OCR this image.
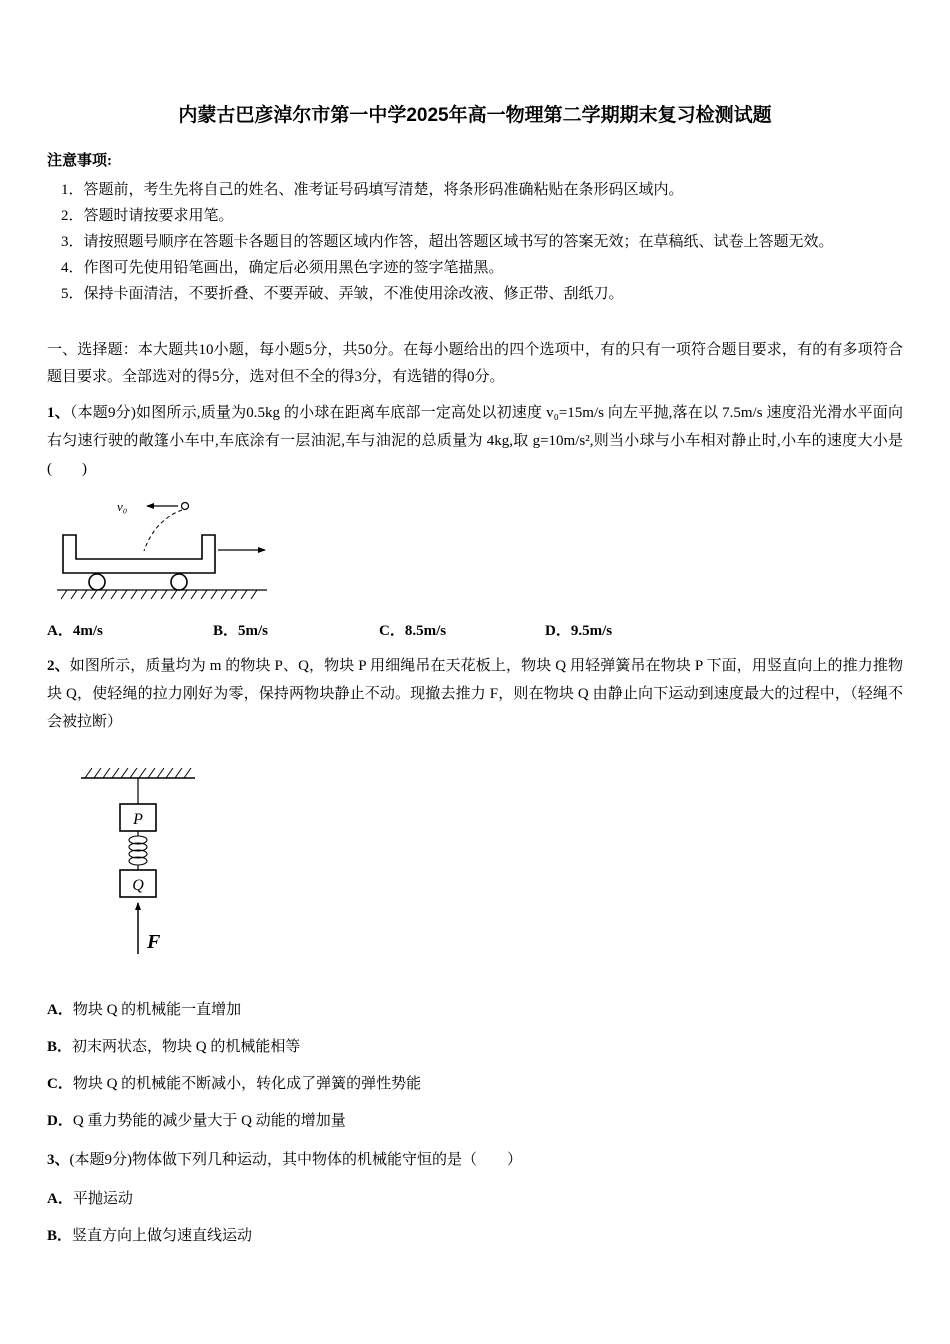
内蒙古巴彦淖尔市第一中学2025年高一物理第二学期期末复习检测试题
注意事项:
1．答题前，考生先将自己的姓名、准考证号码填写清楚，将条形码准确粘贴在条形码区域内。
2．答题时请按要求用笔。
3．请按照题号顺序在答题卡各题目的答题区域内作答，超出答题区域书写的答案无效；在草稿纸、试卷上答题无效。
4．作图可先使用铅笔画出，确定后必须用黑色字迹的签字笔描黑。
5．保持卡面清洁，不要折叠、不要弄破、弄皱，不准使用涂改液、修正带、刮纸刀。

一、选择题：本大题共10小题，每小题5分，共50分。在每小题给出的四个选项中，有的只有一项符合题目要求，有的有多项符合题目要求。全部选对的得5分，选对但不全的得3分，有选错的得0分。

1、（本题9分)如图所示,质量为0.5kg 的小球在距离车底部一定高处以初速度 v₀=15m/s 向左平抛,落在以 7.5m/s 速度沿光滑水平面向右匀速行驶的敞篷小车中,车底涂有一层油泥,车与油泥的总质量为 4kg,取 g=10m/s²,则当小球与小车相对静止时,小车的速度大小是(　　)

v₀
A．4m/s	B．5m/s	C．8.5m/s	D．9.5m/s

2、如图所示，质量均为 m 的物块 P、Q，物块 P 用细绳吊在天花板上，物块 Q 用轻弹簧吊在物块 P 下面，用竖直向上的推力推物块 Q，使轻绳的拉力刚好为零，保持两物块静止不动。现撤去推力 F，则在物块 Q 由静止向下运动到速度最大的过程中，（轻绳不会被拉断）

P
Q
F
A．物块 Q 的机械能一直增加
B．初末两状态，物块 Q 的机械能相等
C．物块 Q 的机械能不断减小，转化成了弹簧的弹性势能
D．Q 重力势能的减少量大于 Q 动能的增加量

3、(本题9分)物体做下列几种运动，其中物体的机械能守恒的是（　　）

A．平抛运动
B．竖直方向上做匀速直线运动
